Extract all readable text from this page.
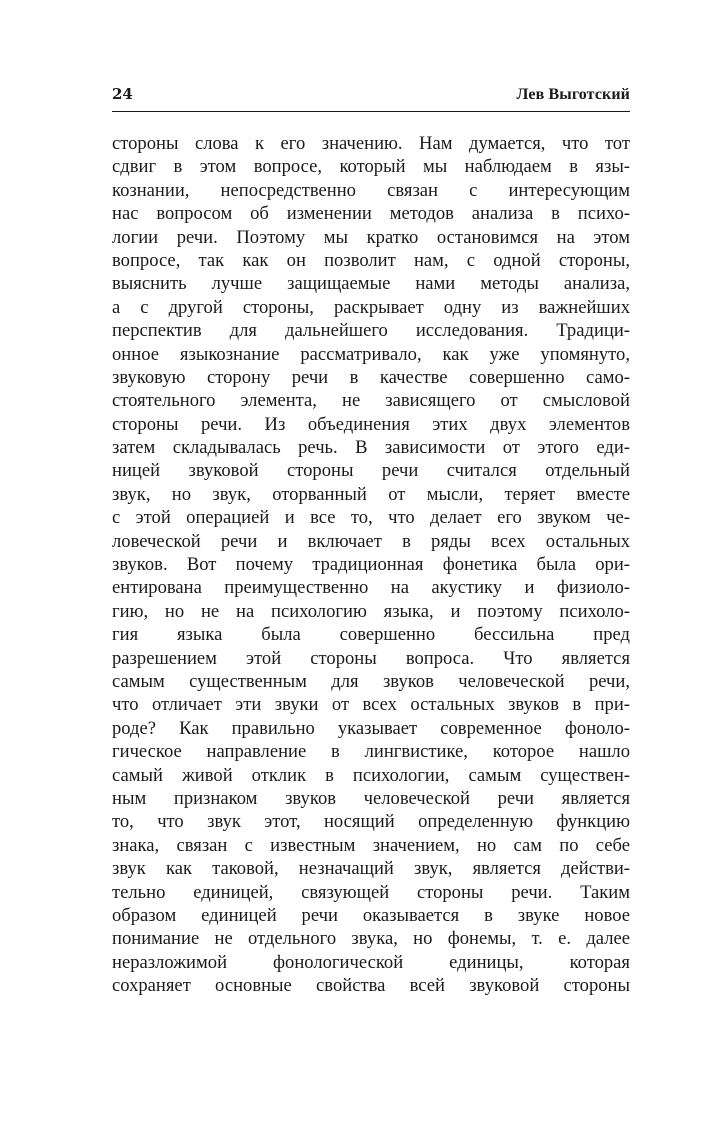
24	Лев Выготский
стороны слова к его значению. Нам думается, что тот
сдвиг в этом вопросе, который мы наблюдаем в язы-
кознании, непосредственно связан с интересующим
нас вопросом об изменении методов анализа в психо-
логии речи. Поэтому мы кратко остановимся на этом
вопросе, так как он позволит нам, с одной стороны,
выяснить лучше защищаемые нами методы анализа,
а с другой стороны, раскрывает одну из важнейших
перспектив для дальнейшего исследования. Традици-
онное языкознание рассматривало, как уже упомянуто,
звуковую сторону речи в качестве совершенно само-
стоятельного элемента, не зависящего от смысловой
стороны речи. Из объединения этих двух элементов
затем складывалась речь. В зависимости от этого еди-
ницей звуковой стороны речи считался отдельный
звук, но звук, оторванный от мысли, теряет вместе
с этой операцией и все то, что делает его звуком че-
ловеческой речи и включает в ряды всех остальных
звуков. Вот почему традиционная фонетика была ори-
ентирована преимущественно на акустику и физиоло-
гию, но не на психологию языка, и поэтому психоло-
гия языка была совершенно бессильна пред
разрешением этой стороны вопроса. Что является
самым существенным для звуков человеческой речи,
что отличает эти звуки от всех остальных звуков в при-
роде? Как правильно указывает современное фоноло-
гическое направление в лингвистике, которое нашло
самый живой отклик в психологии, самым существен-
ным признаком звуков человеческой речи является
то, что звук этот, носящий определенную функцию
знака, связан с известным значением, но сам по себе
звук как таковой, незначащий звук, является действи-
тельно единицей, связующей стороны речи. Таким
образом единицей речи оказывается в звуке новое
понимание не отдельного звука, но фонемы, т. е. далее
неразложимой фонологической единицы, которая
сохраняет основные свойства всей звуковой стороны
